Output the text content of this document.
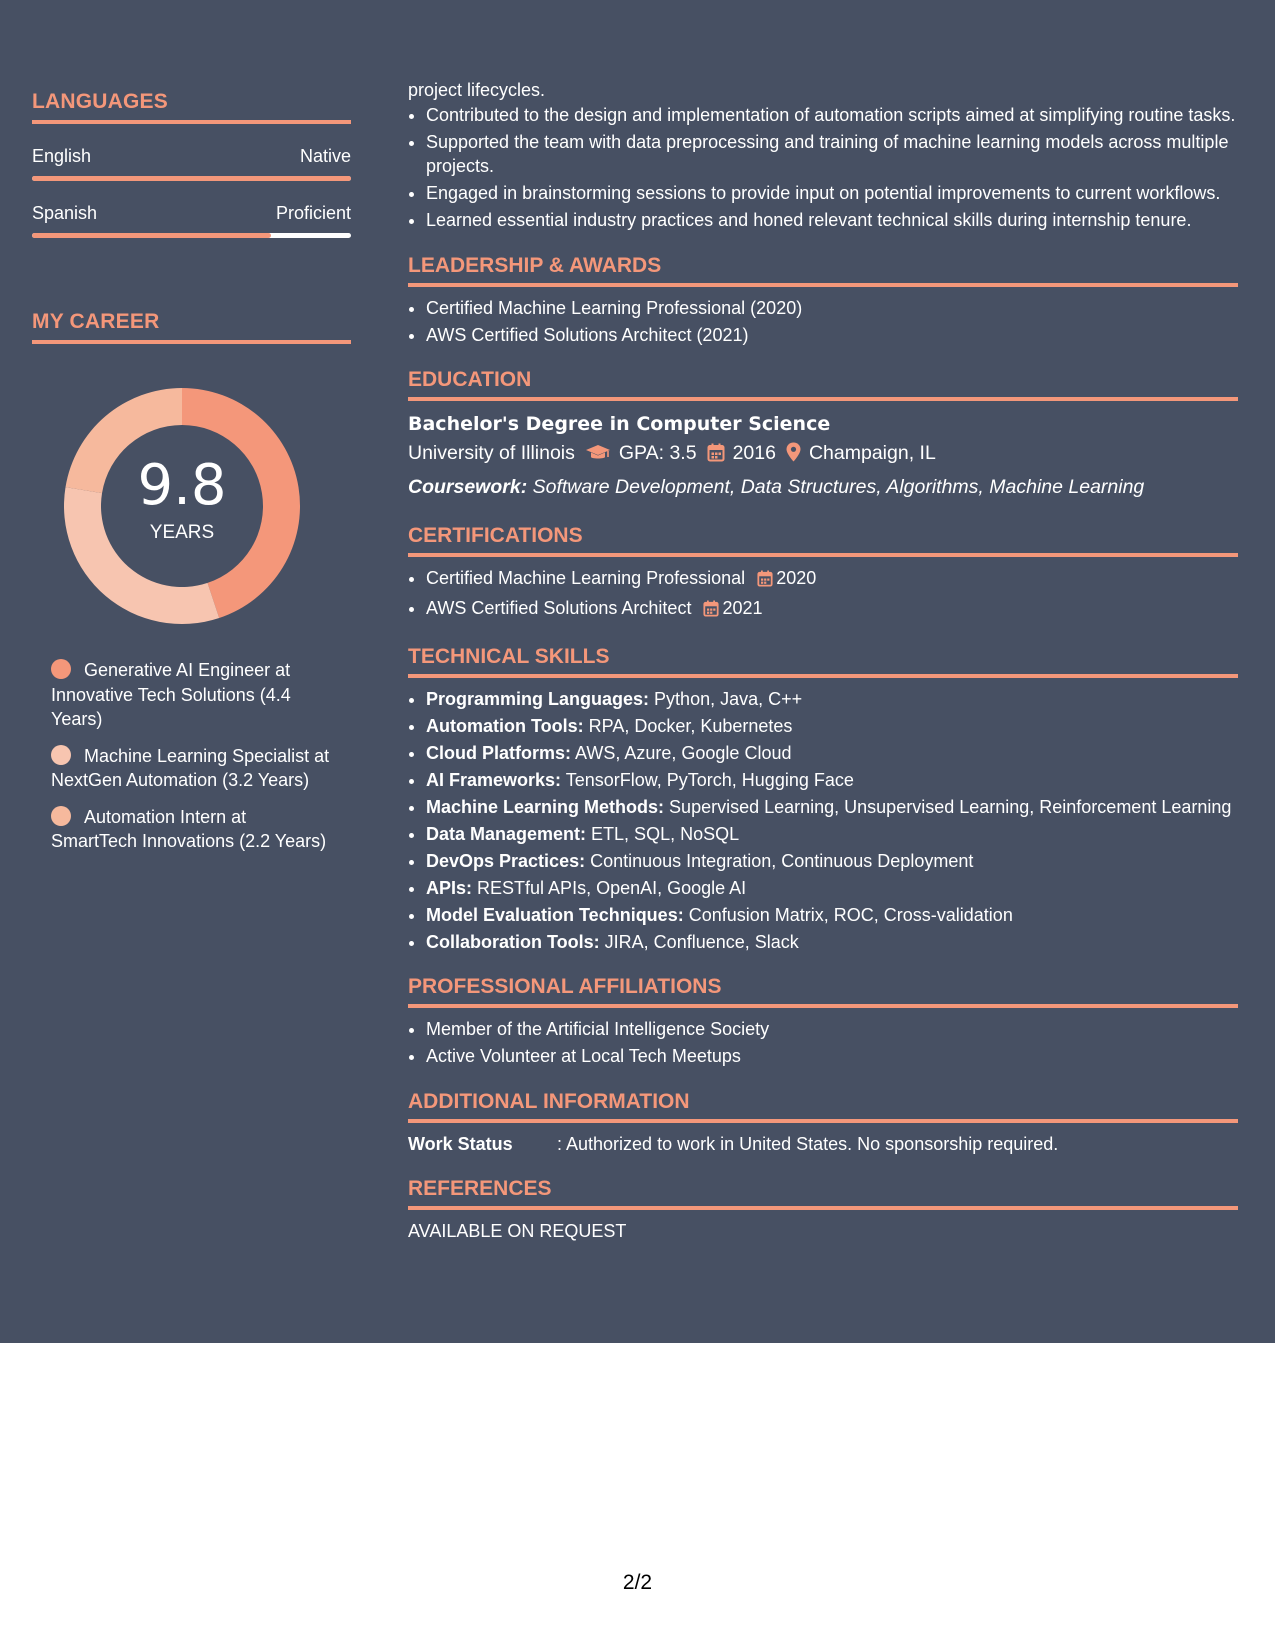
LANGUAGES
English	Native
Spanish	Proficient
MY CAREER
9.8
YEARS
Generative AI Engineer at Innovative Tech Solutions (4.4 Years)
Machine Learning Specialist at NextGen Automation (3.2 Years)
Automation Intern at SmartTech Innovations (2.2 Years)

project lifecycles.

• Contributed to the design and implementation of automation scripts aimed at simplifying routine tasks.
• Supported the team with data preprocessing and training of machine learning models across multiple projects.
• Engaged in brainstorming sessions to provide input on potential improvements to current workflows.
• Learned essential industry practices and honed relevant technical skills during internship tenure.
LEADERSHIP & AWARDS
• Certified Machine Learning Professional (2020)
• AWS Certified Solutions Architect (2021)
EDUCATION
Bachelor's Degree in Computer Science
University of Illinois GPA: 3.5 2016 Champaign, IL
Coursework: Software Development, Data Structures, Algorithms, Machine Learning
CERTIFICATIONS
• Certified Machine Learning Professional 2020
• AWS Certified Solutions Architect 2021
TECHNICAL SKILLS
• Programming Languages: Python, Java, C++
• Automation Tools: RPA, Docker, Kubernetes
• Cloud Platforms: AWS, Azure, Google Cloud
• AI Frameworks: TensorFlow, PyTorch, Hugging Face
• Machine Learning Methods: Supervised Learning, Unsupervised Learning, Reinforcement Learning
• Data Management: ETL, SQL, NoSQL
• DevOps Practices: Continuous Integration, Continuous Deployment
• APIs: RESTful APIs, OpenAI, Google AI
• Model Evaluation Techniques: Confusion Matrix, ROC, Cross-validation
• Collaboration Tools: JIRA, Confluence, Slack
PROFESSIONAL AFFILIATIONS
• Member of the Artificial Intelligence Society
• Active Volunteer at Local Tech Meetups
ADDITIONAL INFORMATION
Work Status	: Authorized to work in United States. No sponsorship required.
REFERENCES
AVAILABLE ON REQUEST
2/2
